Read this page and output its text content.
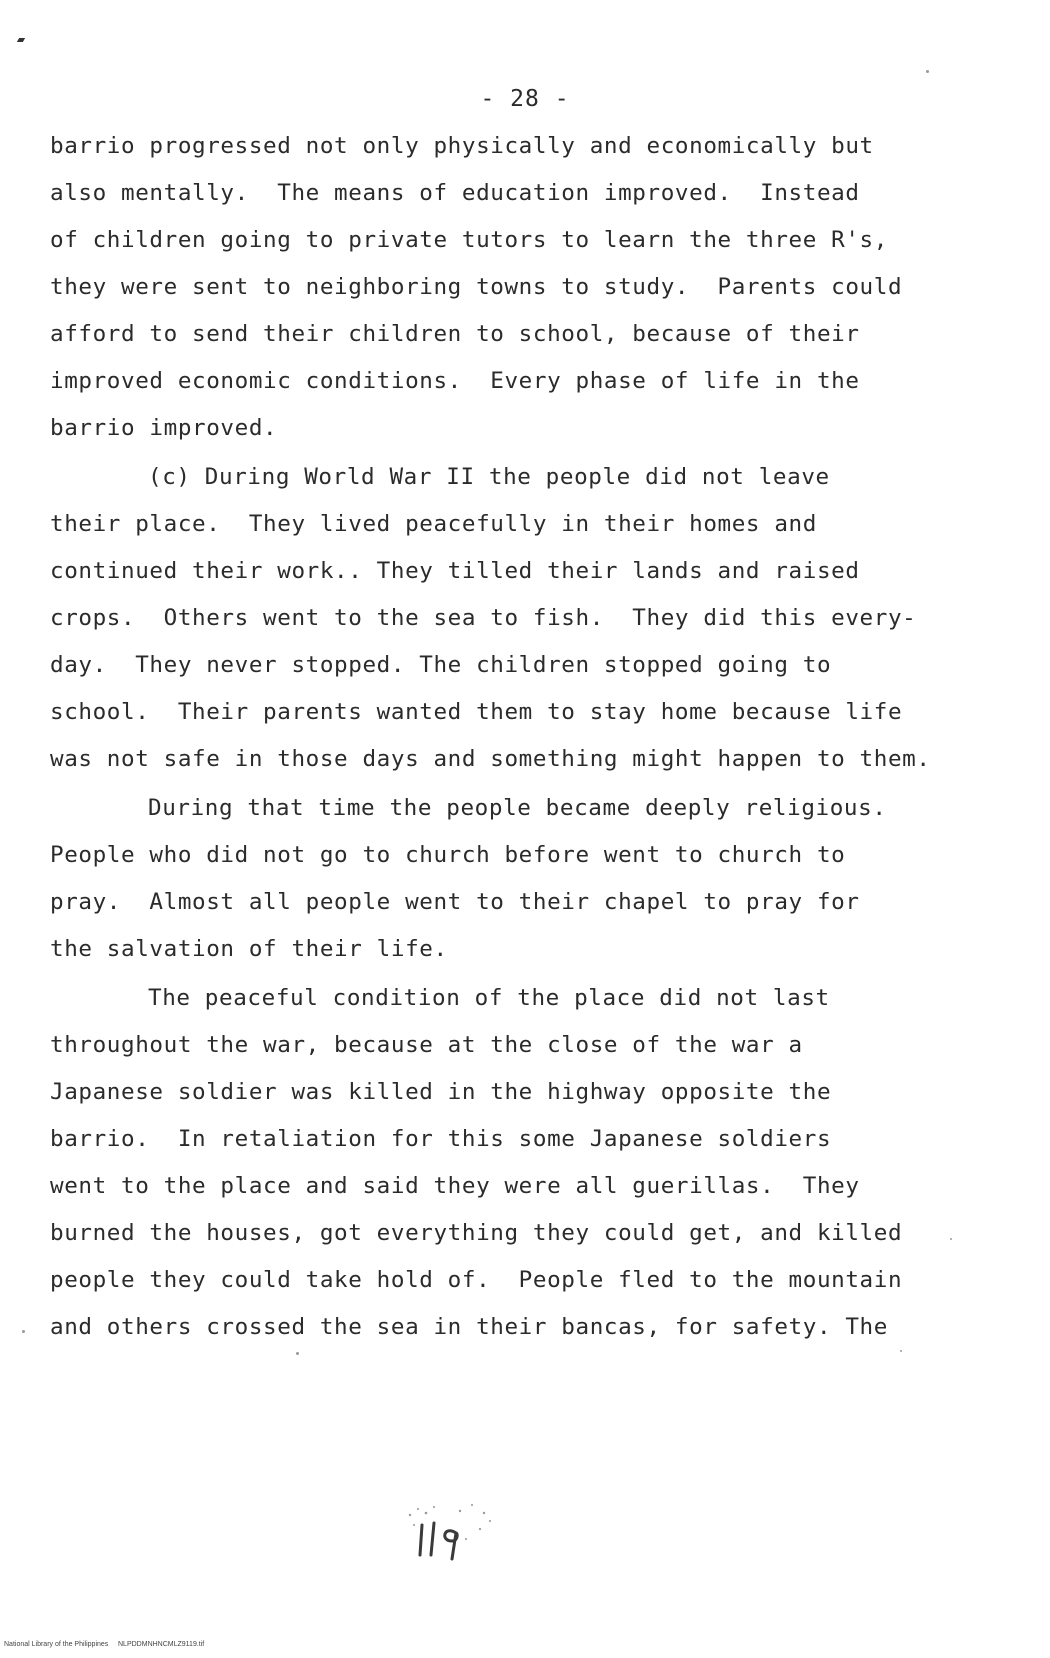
- 28 -
barrio progressed not only physically and economically but
also mentally.  The means of education improved.  Instead
of children going to private tutors to learn the three R's,
they were sent to neighboring towns to study.  Parents could
afford to send their children to school, because of their
improved economic conditions.  Every phase of life in the
barrio improved.
(c) During World War II the people did not leave
their place.  They lived peacefully in their homes and
continued their work.. They tilled their lands and raised
crops.  Others went to the sea to fish.  They did this every-
day.  They never stopped. The children stopped going to
school.  Their parents wanted them to stay home because life
was not safe in those days and something might happen to them.
During that time the people became deeply religious.
People who did not go to church before went to church to
pray.  Almost all people went to their chapel to pray for
the salvation of their life.
The peaceful condition of the place did not last
throughout the war, because at the close of the war a
Japanese soldier was killed in the highway opposite the
barrio.  In retaliation for this some Japanese soldiers
went to the place and said they were all guerillas.  They
burned the houses, got everything they could get, and killed
people they could take hold of.  People fled to the mountain
and others crossed the sea in their bancas, for safety. The
National Library of the Philippines     NLPDDMNHNCMLZ9119.tif
